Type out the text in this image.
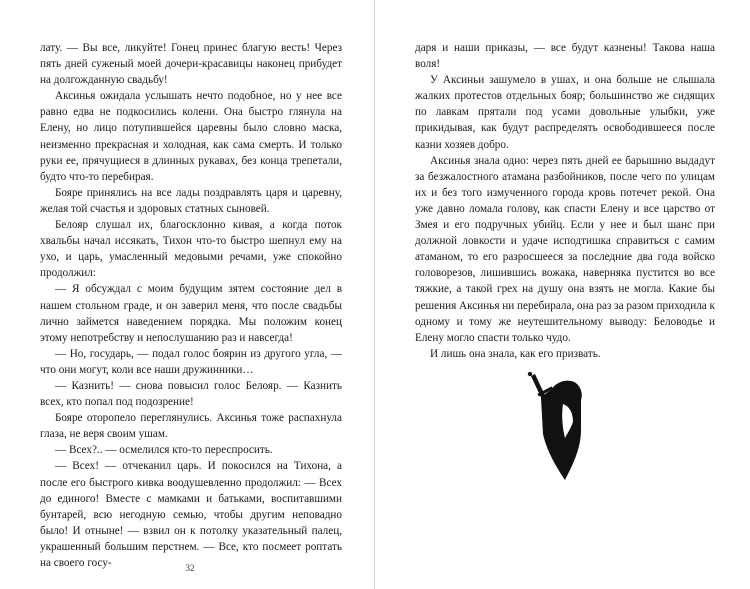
лату. — Вы все, ликуйте! Гонец принес благую весть! Через пять дней суженый моей дочери-красавицы наконец прибудет на долгожданную свадьбу!

Аксинья ожидала услышать нечто подобное, но у нее все равно едва не подкосились колени. Она быстро глянула на Елену, но лицо потупившейся царевны было словно маска, неизменно прекрасная и холодная, как сама смерть. И только руки ее, прячущиеся в длинных рукавах, без конца трепетали, будто что-то перебирая.

Бояре принялись на все лады поздравлять царя и царевну, желая той счастья и здоровых статных сыновей.

Белояр слушал их, благосклонно кивая, а когда поток хвальбы начал иссякать, Тихон что-то быстро шепнул ему на ухо, и царь, умасленный медовыми речами, уже спокойно продолжил:

— Я обсуждал с моим будущим зятем состояние дел в нашем стольном граде, и он заверил меня, что после свадьбы лично займется наведением порядка. Мы положим конец этому непотребству и непослушанию раз и навсегда!

— Но, государь, — подал голос боярин из другого угла, — что они могут, коли все наши дружинники…

— Казнить! — снова повысил голос Белояр. — Казнить всех, кто попал под подозрение!

Бояре оторопело переглянулись. Аксинья тоже распахнула глаза, не веря своим ушам.

— Всех?.. — осмелился кто-то переспросить.

— Всех! — отчеканил царь. И покосился на Тихона, а после его быстрого кивка воодушевленно продолжил: — Всех до единого! Вместе с мамками и батьками, воспитавшими бунтарей, всю негодную семью, чтобы другим неповадно было! И отныне! — взвил он к потолку указательный палец, украшенный большим перстнем. — Все, кто посмеет роптать на своего госу-	32

даря и наши приказы, — все будут казнены! Такова наша воля!

У Аксиньи зашумело в ушах, и она больше не слышала жалких протестов отдельных бояр; большинство же сидящих по лавкам прятали под усами довольные улыбки, уже прикидывая, как будут распределять освободившееся после казни хозяев добро.

Аксинья знала одно: через пять дней ее барышню выдадут за безжалостного атамана разбойников, после чего по улицам их и без того измученного города кровь потечет рекой. Она уже давно ломала голову, как спасти Елену и все царство от Змея и его подручных убийц. Если у нее и был шанс при должной ловкости и удаче исподтишка справиться с самим атаманом, то его разросшееся за последние два года войско головорезов, лишившись вожака, наверняка пустится во все тяжкие, а такой грех на душу она взять не могла. Какие бы решения Аксинья ни перебирала, она раз за разом приходила к одному и тому же неутешительному выводу: Беловодье и Елену могло спасти только чудо.

И лишь она знала, как его призвать.
